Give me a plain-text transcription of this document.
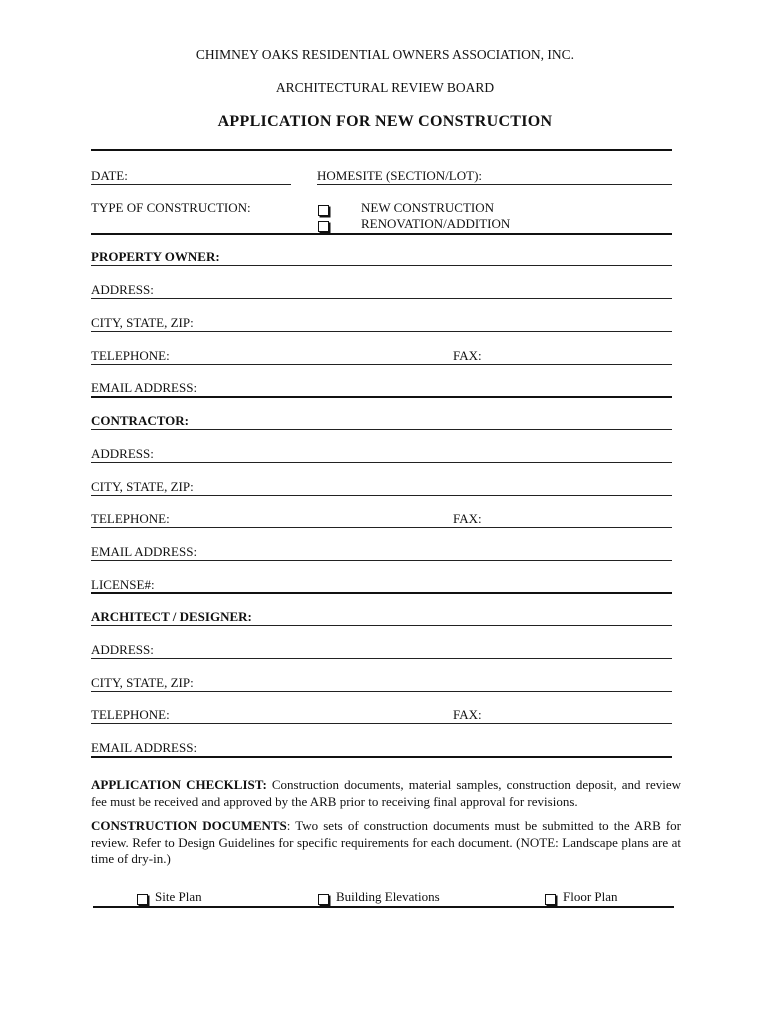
CHIMNEY OAKS RESIDENTIAL OWNERS ASSOCIATION, INC.
ARCHITECTURAL REVIEW BOARD
APPLICATION FOR NEW CONSTRUCTION
DATE:	HOMESITE (SECTION/LOT):
TYPE OF CONSTRUCTION:	NEW CONSTRUCTION
RENOVATION/ADDITION
PROPERTY OWNER:
ADDRESS:
CITY, STATE, ZIP:
TELEPHONE:	FAX:
EMAIL ADDRESS:
CONTRACTOR:
ADDRESS:
CITY, STATE, ZIP:
TELEPHONE:	FAX:
EMAIL ADDRESS:
LICENSE#:
ARCHITECT / DESIGNER:
ADDRESS:
CITY, STATE, ZIP:
TELEPHONE:	FAX:
EMAIL ADDRESS:
APPLICATION CHECKLIST: Construction documents, material samples, construction deposit, and review fee must be received and approved by the ARB prior to receiving final approval for revisions.
CONSTRUCTION DOCUMENTS: Two sets of construction documents must be submitted to the ARB for review. Refer to Design Guidelines for specific requirements for each document. (NOTE: Landscape plans are at time of dry-in.)
Site Plan	Building Elevations	Floor Plan
